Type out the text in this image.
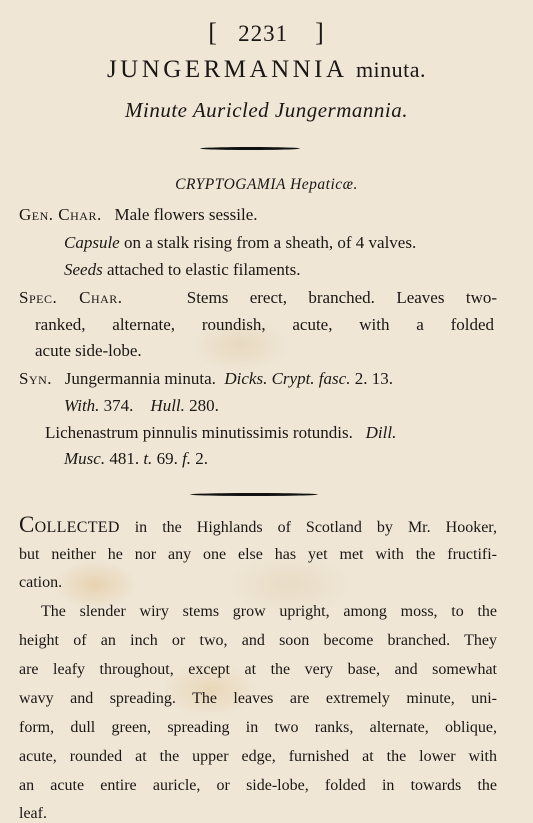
[ 2231 ]
JUNGERMANNIA minuta.
Minute Auricled Jungermannia.
CRYPTOGAMIA Hepaticæ.
Gen. Char. Male flowers sessile.
Capsule on a stalk rising from a sheath, of 4 valves.
Seeds attached to elastic filaments.
Spec. Char.	Stems erect, branched. Leaves two-
ranked, alternate, roundish, acute, with a folded
acute side-lobe.
Syn. Jungermannia minuta. Dicks. Crypt. fasc. 2. 13.
With. 374. Hull. 280.
Lichenastrum pinnulis minutissimis rotundis. Dill.
Musc. 481. t. 69. f. 2.
Collected in the Highlands of Scotland by Mr. Hooker,
but neither he nor any one else has yet met with the fructifi-
cation.
The slender wiry stems grow upright, among moss, to the
height of an inch or two, and soon become branched. They
are leafy throughout, except at the very base, and somewhat
wavy and spreading. The leaves are extremely minute, uni-
form, dull green, spreading in two ranks, alternate, oblique,
acute, rounded at the upper edge, furnished at the lower with
an acute entire auricle, or side-lobe, folded in towards the
leaf.
